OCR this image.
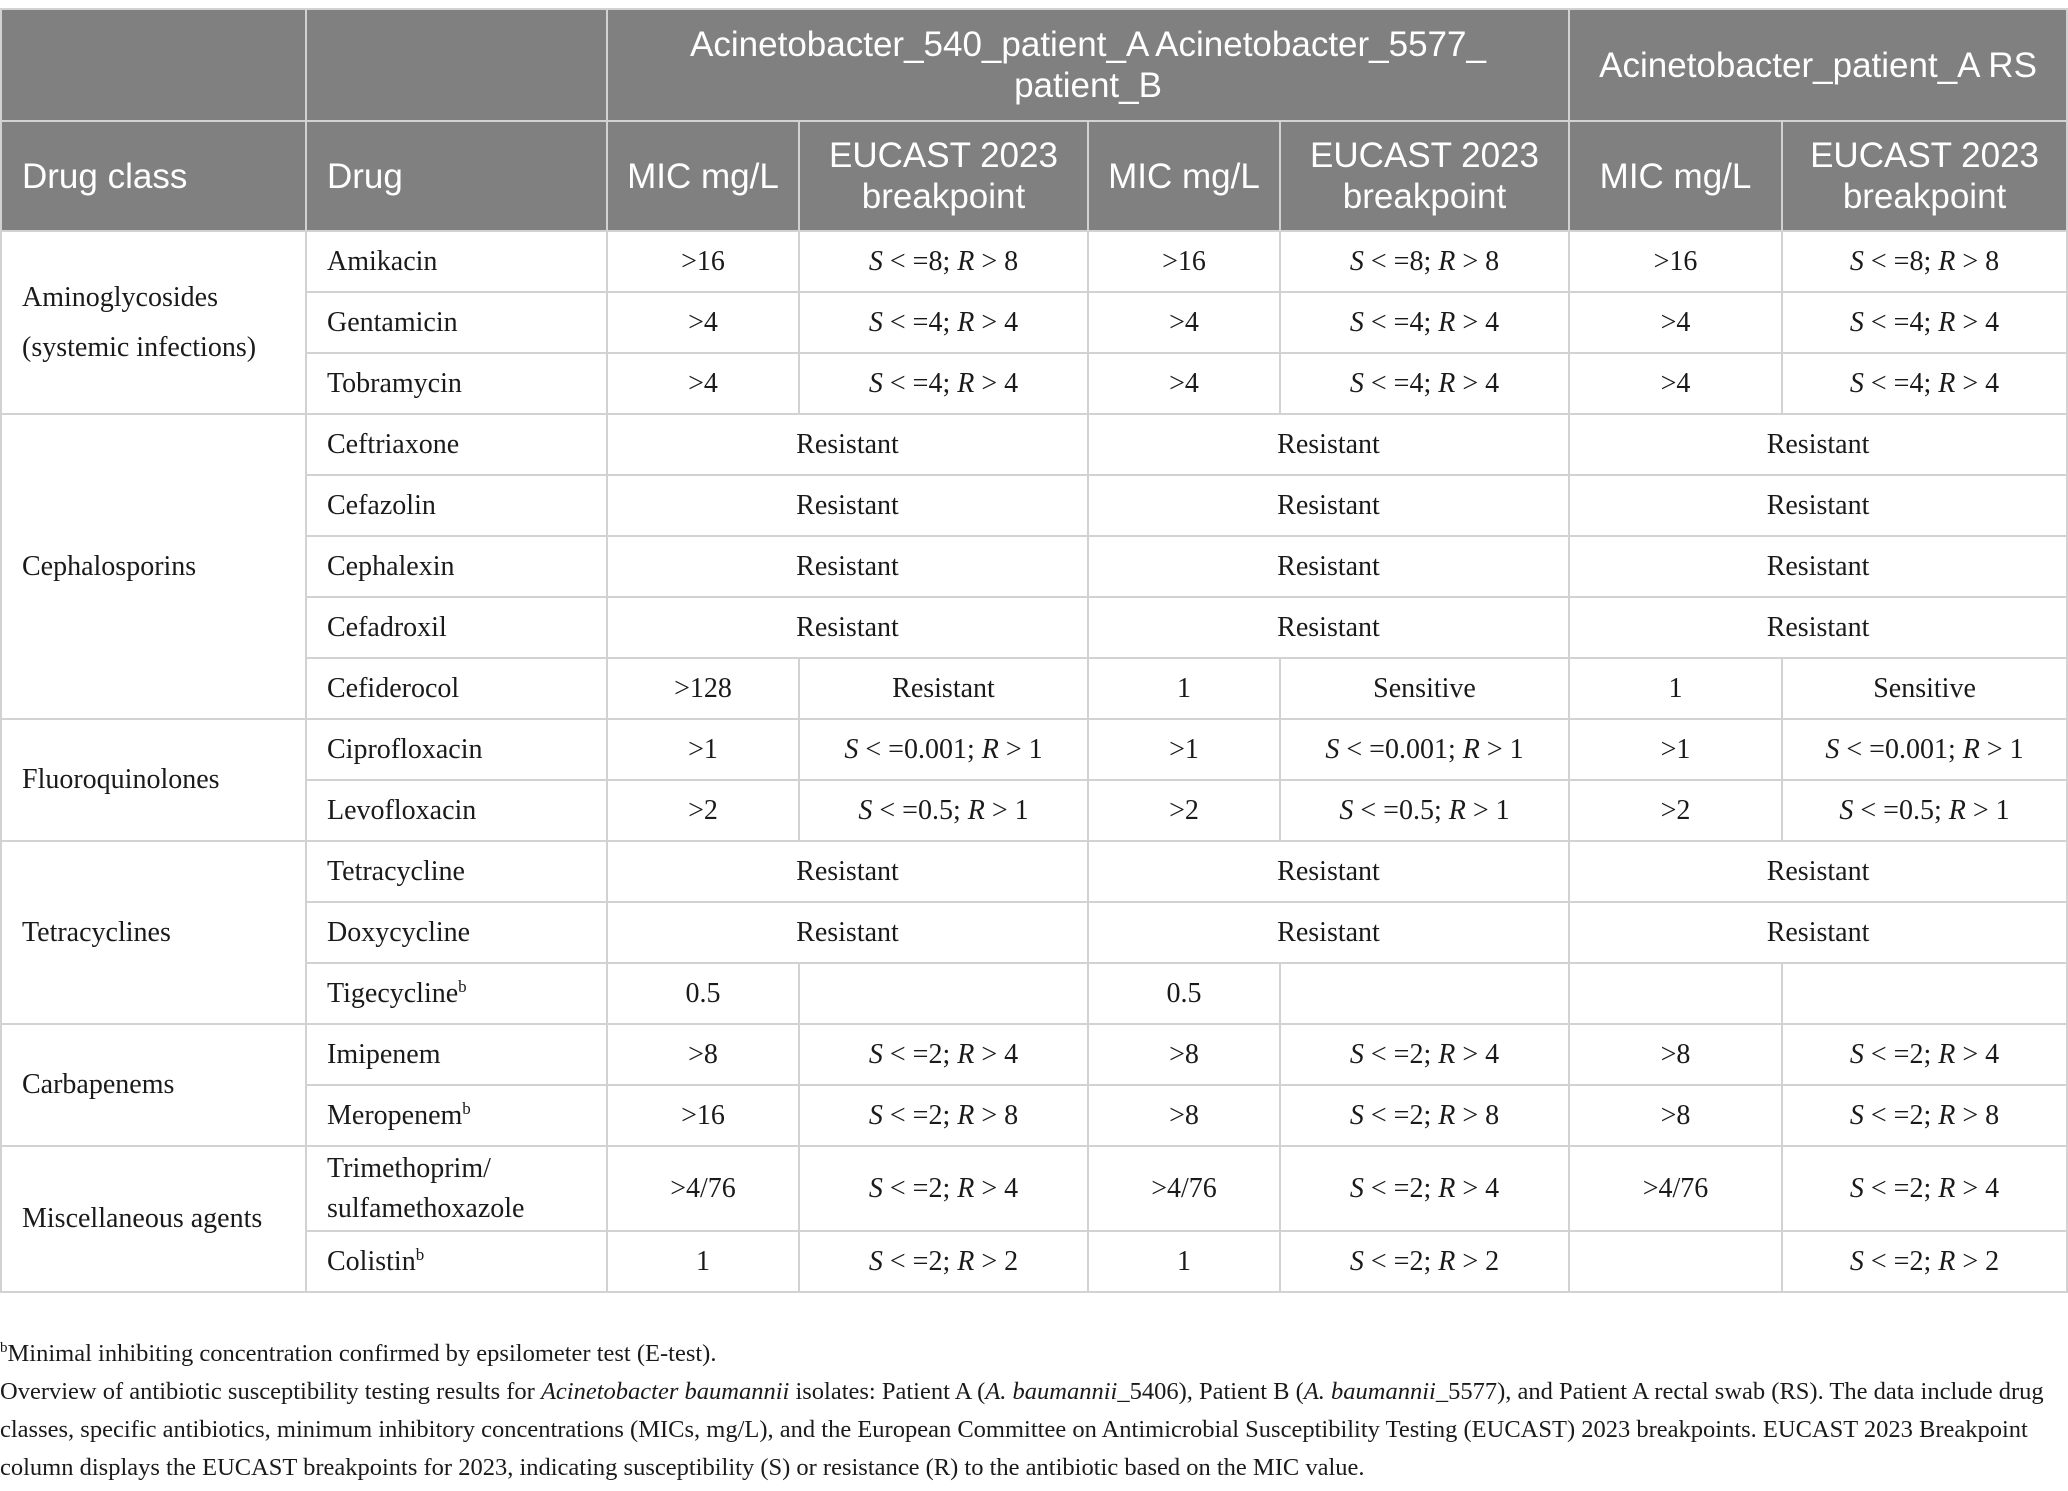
		Acinetobacter_540_patient_A Acinetobacter_5577_ patient_B				Acinetobacter_patient_A RS	
Drug class	Drug	MIC mg/L	EUCAST 2023 breakpoint	MIC mg/L	EUCAST 2023 breakpoint	MIC mg/L	EUCAST 2023 breakpoint
Aminoglycosides (systemic infections)	Amikacin	>16	S < =8; R > 8	>16	S < =8; R > 8	>16	S < =8; R > 8
	Gentamicin	>4	S < =4; R > 4	>4	S < =4; R > 4	>4	S < =4; R > 4
	Tobramycin	>4	S < =4; R > 4	>4	S < =4; R > 4	>4	S < =4; R > 4
Cephalosporins	Ceftriaxone	Resistant		Resistant		Resistant	
	Cefazolin	Resistant		Resistant		Resistant	
	Cephalexin	Resistant		Resistant		Resistant	
	Cefadroxil	Resistant		Resistant		Resistant	
	Cefiderocol	>128	Resistant	1	Sensitive	1	Sensitive
Fluoroquinolones	Ciprofloxacin	>1	S < =0.001; R > 1	>1	S < =0.001; R > 1	>1	S < =0.001; R > 1
	Levofloxacin	>2	S < =0.5; R > 1	>2	S < =0.5; R > 1	>2	S < =0.5; R > 1
Tetracyclines	Tetracycline	Resistant		Resistant		Resistant	
	Doxycycline	Resistant		Resistant		Resistant	
	Tigecycline$^b$	0.5		0.5			
Carbapenems	Imipenem	>8	S < =2; R > 4	>8	S < =2; R > 4	>8	S < =2; R > 4
	Meropenem$^b$	>16	S < =2; R > 8	>8	S < =2; R > 8	>8	S < =2; R > 8
Miscellaneous agents	Trimethoprim/ sulfamethoxazole	>4/76	S < =2; R > 4	>4/76	S < =2; R > 4	>4/76	S < =2; R > 4
	Colistin$^b$	1	S < =2; R > 2	1	S < =2; R > 2		S < =2; R > 2

$^b$Minimal inhibiting concentration confirmed by epsilometer test (E-test).

Overview of antibiotic susceptibility testing results for Acinetobacter baumannii isolates: Patient A (A. baumannii_5406), Patient B (A. baumannii_5577), and Patient A rectal swab (RS). The data include drug classes, specific antibiotics, minimum inhibitory concentrations (MICs, mg/L), and the European Committee on Antimicrobial Susceptibility Testing (EUCAST) 2023 breakpoints. EUCAST 2023 Breakpoint column displays the EUCAST breakpoints for 2023, indicating susceptibility (S) or resistance (R) to the antibiotic based on the MIC value.
